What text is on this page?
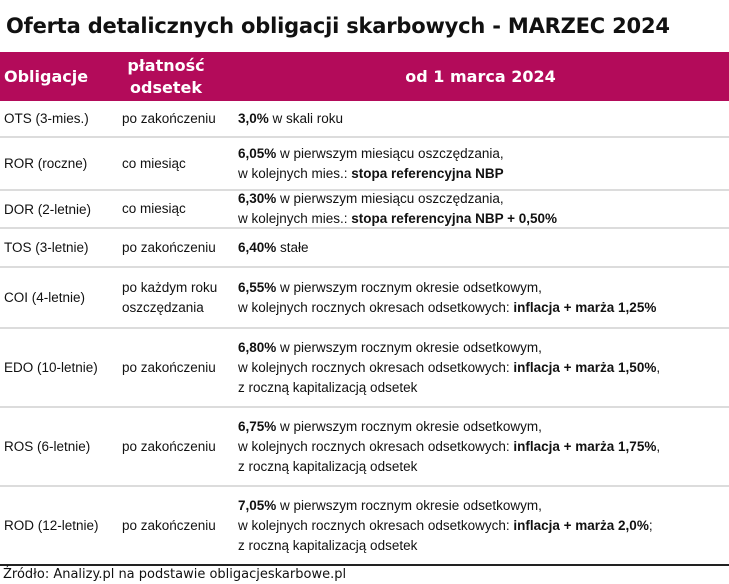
Oferta detalicznych obligacji skarbowych - MARZEC 2024
Obligacje
płatność
odsetek
od 1 marca 2024
OTS (3-mies.) po zakończeniu 3,0% w skali roku
ROR (roczne)	co miesiąc
6,05% w pierwszym miesiącu oszczędzania,
w kolejnych mies.: stopa referencyjna NBP
DOR (2-letnie) co miesiąc
6,30% w pierwszym miesiącu oszczędzania,
w kolejnych mies.: stopa referencyjna NBP + 0,50%
TOS (3-letnie) po zakończeniu 6,40% stałe
COI (4-letnie)
po każdym roku
oszczędzania
6,55% w pierwszym rocznym okresie odsetkowym,
w kolejnych rocznych okresach odsetkowych: inflacja + marża 1,25%
EDO (10-letnie) po zakończeniu
6,80% w pierwszym rocznym okresie odsetkowym,
w kolejnych rocznych okresach odsetkowych: inflacja + marża 1,50%,
z roczną kapitalizacją odsetek
ROS (6-letnie) po zakończeniu
6,75% w pierwszym rocznym okresie odsetkowym,
w kolejnych rocznych okresach odsetkowych: inflacja + marża 1,75%,
z roczną kapitalizacją odsetek
ROD (12-letnie) po zakończeniu
7,05% w pierwszym rocznym okresie odsetkowym,
w kolejnych rocznych okresach odsetkowych: inflacja + marża 2,0%;
z roczną kapitalizacją odsetek
Źródło: Analizy.pl na podstawie obligacjeskarbowe.pl
